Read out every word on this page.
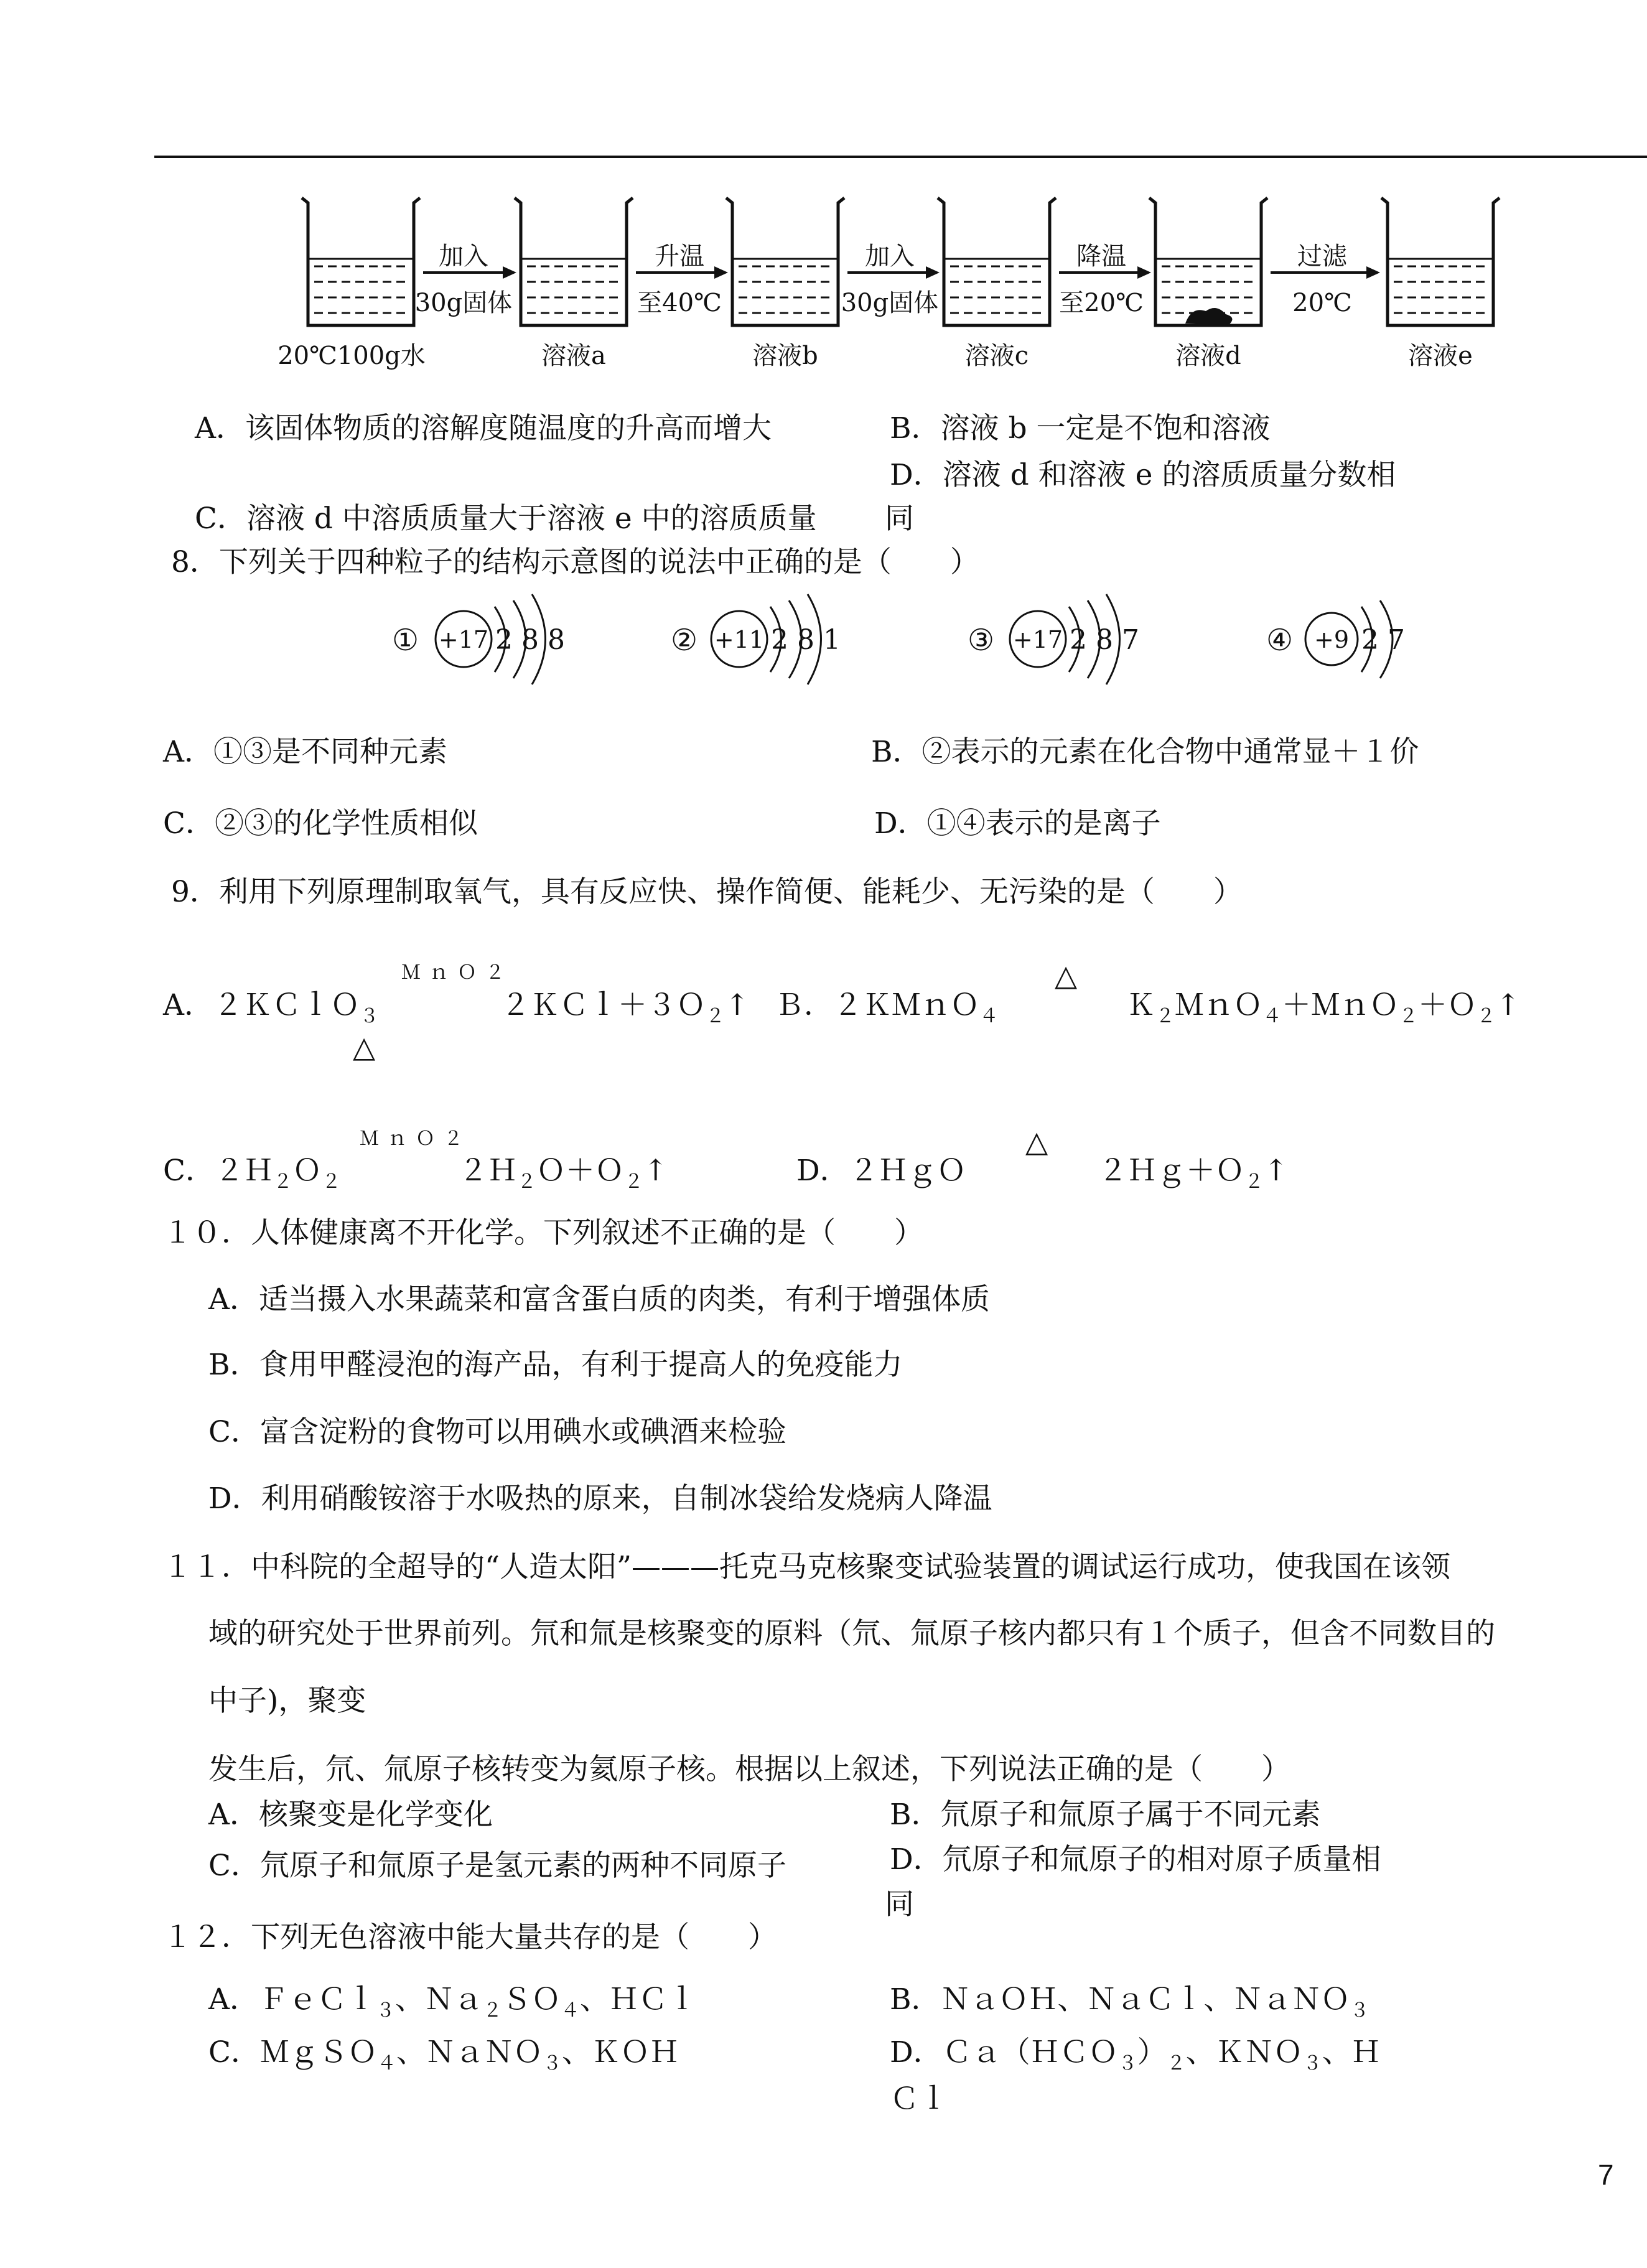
加入
30g固体
升温
至40℃
加入
30g固体
降温
至20℃
过滤
20℃
20℃100g水	溶液a	溶液b	溶液c	溶液d	溶液e
A．该固体物质的溶解度随温度的升高而增大	B．溶液 b 一定是不饱和溶液
D．溶液 d 和溶液 e 的溶质质量分数相
C．溶液 d 中溶质质量大于溶液 e 中的溶质质量 同
8．下列关于四种粒子的结构示意图的说法中正确的是（　　）
① +17 2 8 8	② +11 2 8 1	③ +17 2 8 7	④ +9 2 7
A．①③是不同种元素	B．②表示的元素在化合物中通常显＋１价
C．②③的化学性质相似	D．①④表示的是离子
9．利用下列原理制取氧气，具有反应快、操作简便、能耗少、无污染的是（　　）
ＭｎＯ２
A．２ＫＣｌＯ$_3$	２ＫＣｌ＋３Ｏ$_2$↑
△
Ｂ．２ＫＭｎＯ$_4$
△
Ｋ$_2$ＭｎＯ$_4$＋ＭｎＯ$_2$＋Ｏ$_2$↑
ＭｎＯ２
C．２Ｈ$_2$Ｏ$_2$	２Ｈ$_2$Ｏ＋Ｏ$_2$↑	D．２ＨｇＯ
△
２Ｈｇ＋Ｏ$_2$↑
１０．人体健康离不开化学。下列叙述不正确的是（　　）
A．适当摄入水果蔬菜和富含蛋白质的肉类，有利于增强体质
B．食用甲醛浸泡的海产品，有利于提高人的免疫能力
C．富含淀粉的食物可以用碘水或碘酒来检验
D．利用硝酸铵溶于水吸热的原来，自制冰袋给发烧病人降温
１１．中科院的全超导的“人造太阳”———托克马克核聚变试验装置的调试运行成功，使我国在该领
域的研究处于世界前列。氘和氚是核聚变的原料（氘、氚原子核内都只有１个质子，但含不同数目的
中子)，聚变
发生后，氘、氚原子核转变为氦原子核。根据以上叙述，下列说法正确的是（　　）
A．核聚变是化学变化	B．氘原子和氚原子属于不同元素
C．氘原子和氚原子是氢元素的两种不同原子	D．氘原子和氚原子的相对原子质量相
同
１２．下列无色溶液中能大量共存的是（　　）
A．ＦｅＣｌ$_3$、Ｎａ$_2$ＳＯ$_4$、ＨＣｌ	B．ＮａＯＨ、ＮａＣｌ、ＮａＮＯ$_3$
C．ＭｇＳＯ$_4$、ＮａＮＯ$_3$、ＫＯＨ	D．$Ca(HCO_3)_2$、ＫＮＯ$_3$、Ｈ
Ｃｌ
7
